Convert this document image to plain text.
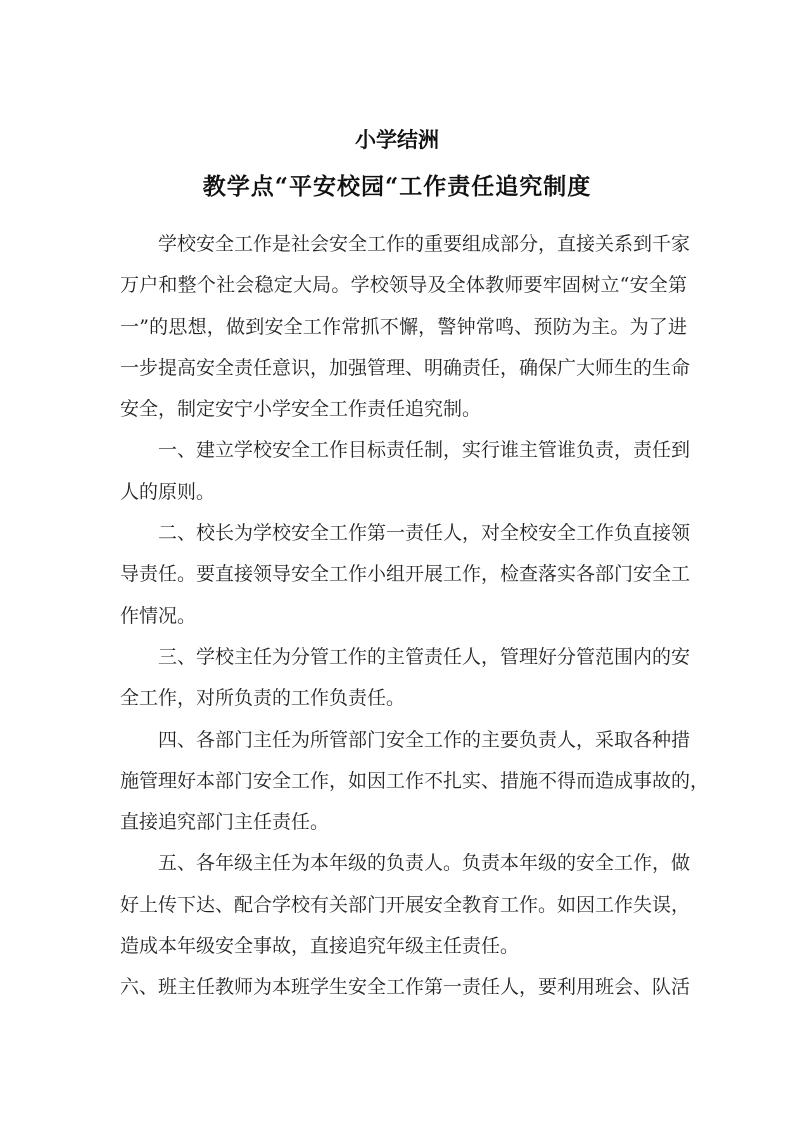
小学结洲
教学点“平安校园“工作责任追究制度
学校安全工作是社会安全工作的重要组成部分，直接关系到千家
万户和整个社会稳定大局。学校领导及全体教师要牢固树立“安全第
一”的思想，做到安全工作常抓不懈，警钟常鸣、预防为主。为了进
一步提高安全责任意识，加强管理、明确责任，确保广大师生的生命
安全，制定安宁小学安全工作责任追究制。
一、建立学校安全工作目标责任制，实行谁主管谁负责，责任到
人的原则。
二、校长为学校安全工作第一责任人，对全校安全工作负直接领
导责任。要直接领导安全工作小组开展工作，检查落实各部门安全工
作情况。
三、学校主任为分管工作的主管责任人，管理好分管范围内的安
全工作，对所负责的工作负责任。
四、各部门主任为所管部门安全工作的主要负责人，采取各种措
施管理好本部门安全工作，如因工作不扎实、措施不得而造成事故的，
直接追究部门主任责任。
五、各年级主任为本年级的负责人。负责本年级的安全工作，做
好上传下达、配合学校有关部门开展安全教育工作。如因工作失误，
造成本年级安全事故，直接追究年级主任责任。
六、班主任教师为本班学生安全工作第一责任人，要利用班会、队活
